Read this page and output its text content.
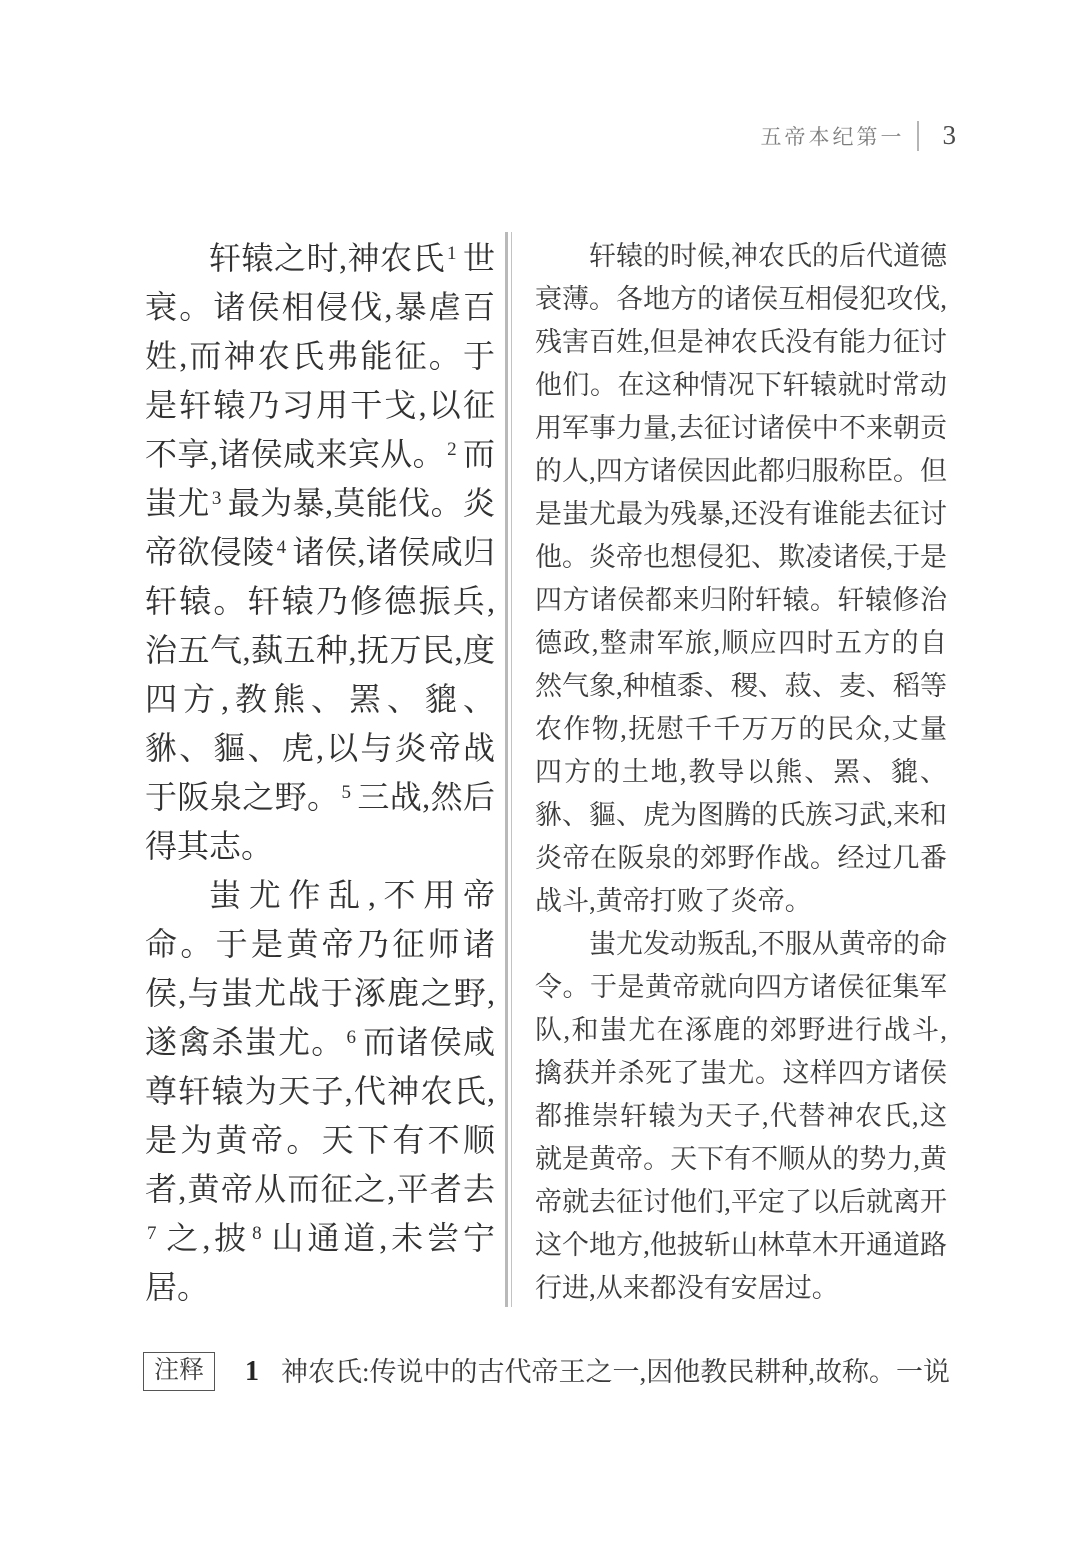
五帝本纪第一 3

轩辕之时,神农氏 $^1$ 世衰。诸侯相侵伐,暴虐百姓,而神农氏弗能征。于是轩辕乃习用干戈,以征不享,诸侯咸来宾从。 $^2$ 而蚩尤 $^3$ 最为暴,莫能伐。炎帝欲侵陵 $^4$ 诸侯,诸侯咸归轩辕。轩辕乃修德振兵,治五气,蓺五种,抚万民,度四方,教熊、罴、貔、貅、貙、虎,以与炎帝战于阪泉之野。 $^5$ 三战,然后得其志。

蚩尤作乱,不用帝命。于是黄帝乃征师诸侯,与蚩尤战于涿鹿之野,遂禽杀蚩尤。 $^6$ 而诸侯咸尊轩辕为天子,代神农氏,是为黄帝。天下有不顺者,黄帝从而征之,平者去$^7$ 之,披 $^8$ 山通道,未尝宁居。

轩辕的时候,神农氏的后代道德衰薄。各地方的诸侯互相侵犯攻伐,残害百姓,但是神农氏没有能力征讨他们。在这种情况下轩辕就时常动用军事力量,去征讨诸侯中不来朝贡的人,四方诸侯因此都归服称臣。但是蚩尤最为残暴,还没有谁能去征讨他。炎帝也想侵犯、欺凌诸侯,于是四方诸侯都来归附轩辕。轩辕修治德政,整肃军旅,顺应四时五方的自然气象,种植黍、稷、菽、麦、稻等农作物,抚慰千千万万的民众,丈量四方的土地,教导以熊、罴、貔、貅、貙、虎为图腾的氏族习武,来和炎帝在阪泉的郊野作战。经过几番战斗,黄帝打败了炎帝。

蚩尤发动叛乱,不服从黄帝的命令。于是黄帝就向四方诸侯征集军队,和蚩尤在涿鹿的郊野进行战斗,擒获并杀死了蚩尤。这样四方诸侯都推崇轩辕为天子,代替神农氏,这就是黄帝。天下有不顺从的势力,黄帝就去征讨他们,平定了以后就离开这个地方,他披斩山林草木开通道路行进,从来都没有安居过。

注释	1 神农氏:传说中的古代帝王之一,因他教民耕种,故称。一说
